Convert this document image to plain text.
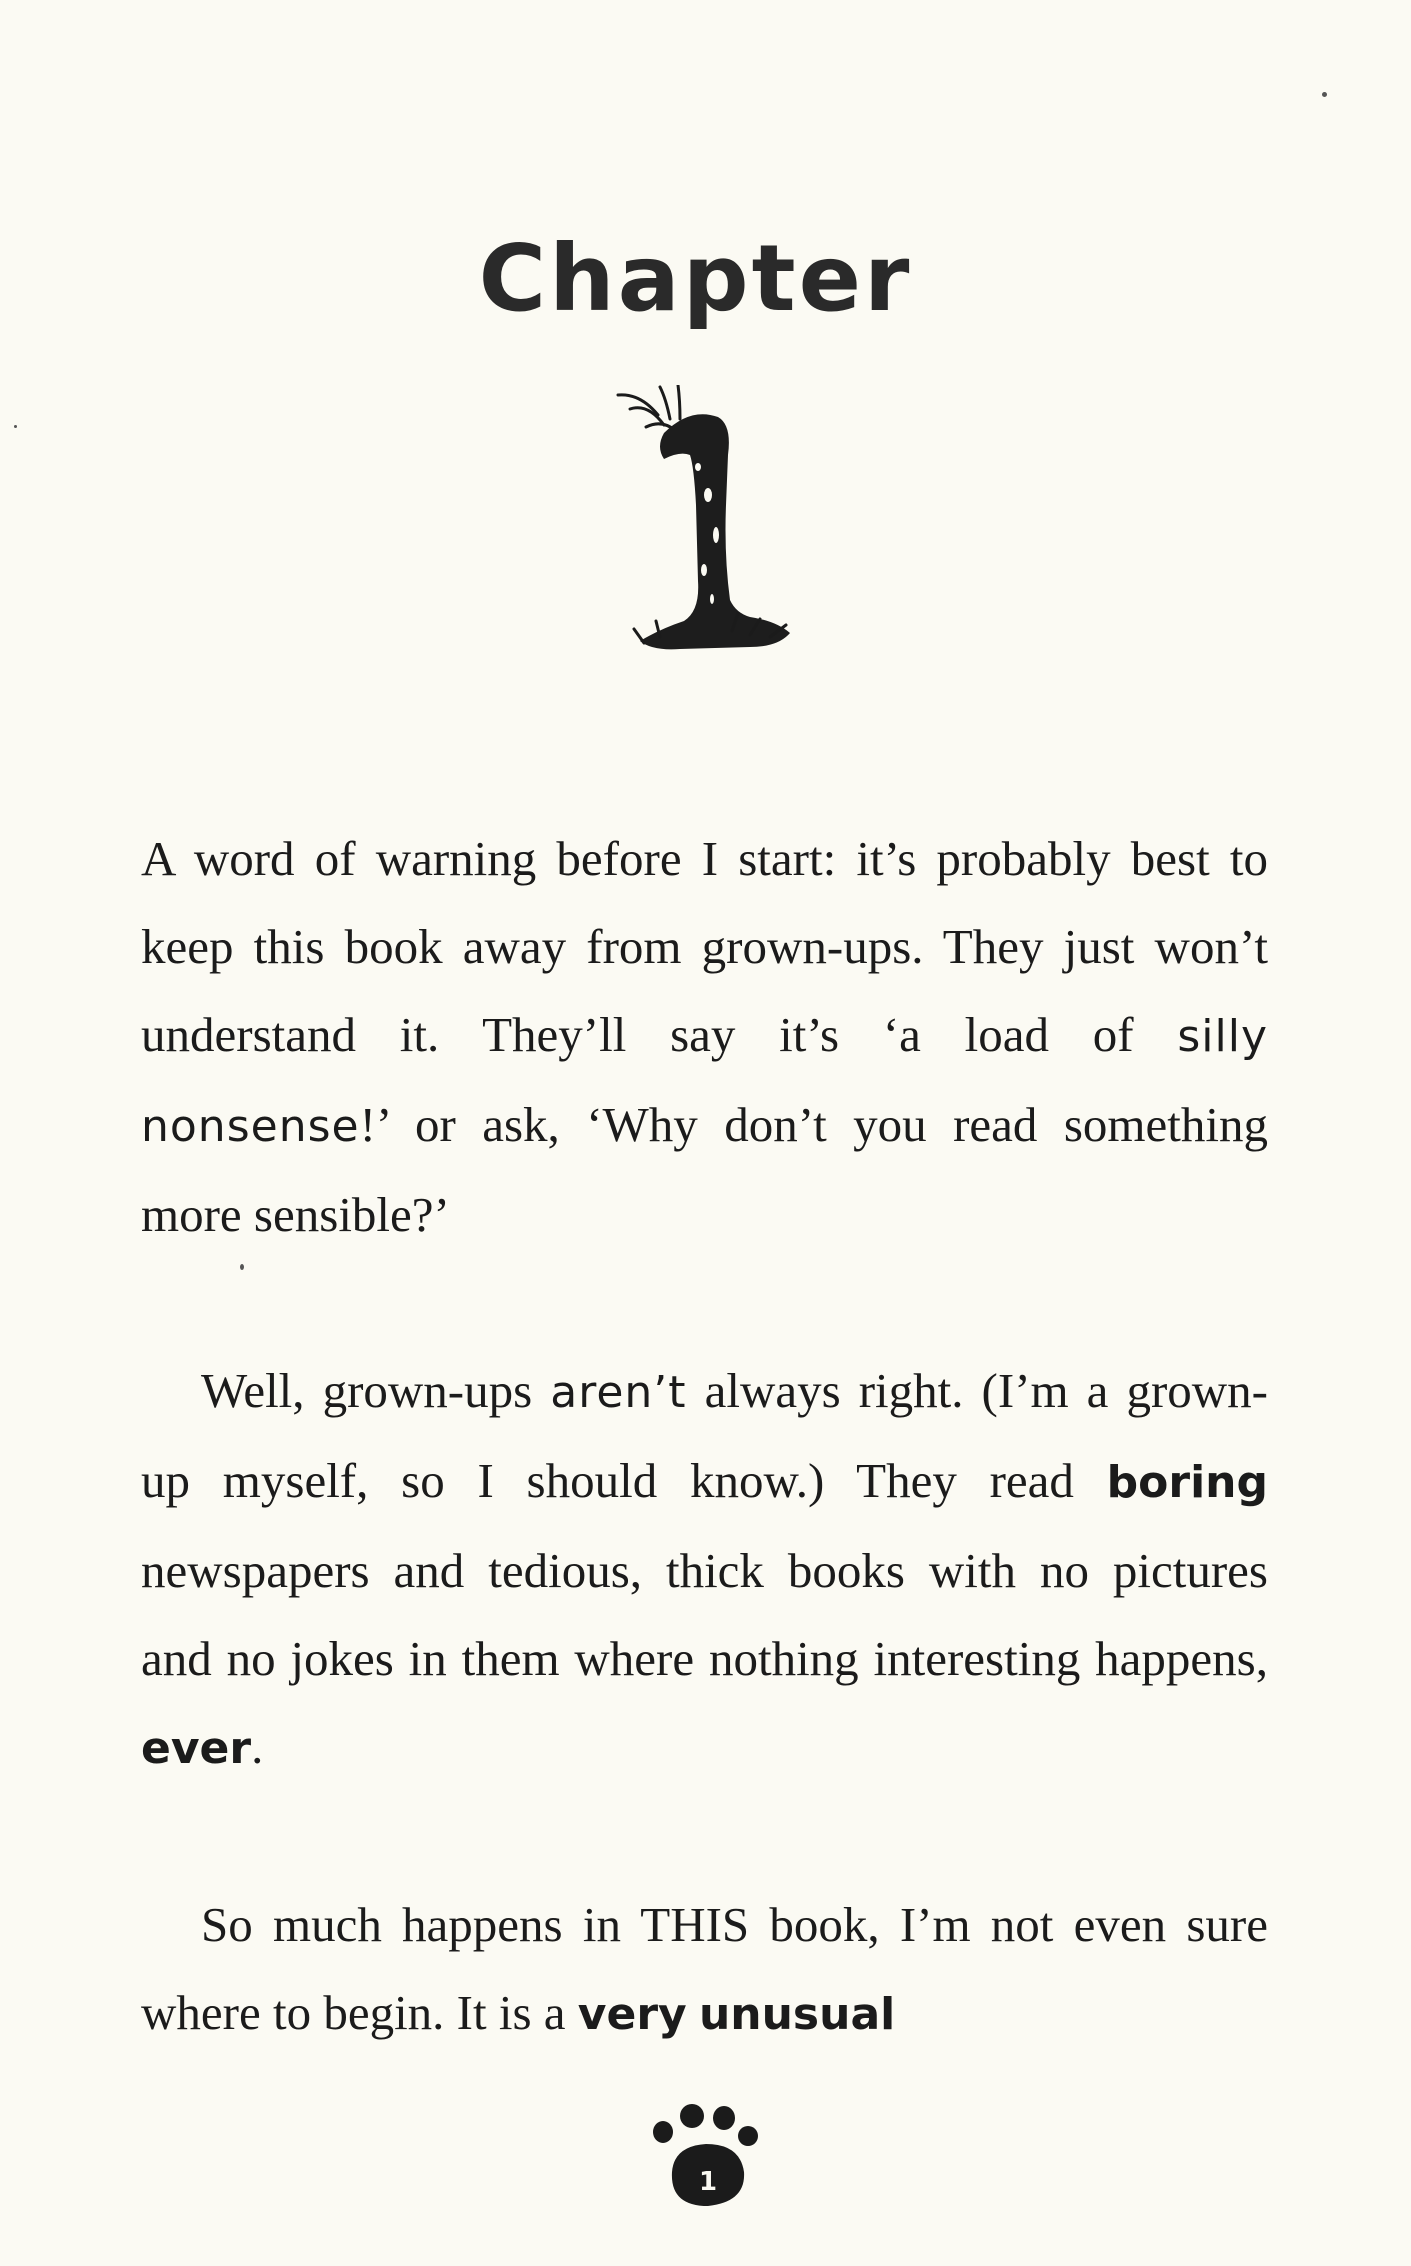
Chapter

A word of warning before I start: it’s probably best to keep this book away from grown-ups. They just won’t understand it. They’ll say it’s ‘a load of silly nonsense!’ or ask, ‘Why don’t you read something more sensible?’

Well, grown-ups aren’t always right. (I’m a grown-up myself, so I should know.) They read boring newspapers and tedious, thick books with no pictures and no jokes in them where nothing interesting happens, ever.

So much happens in THIS book, I’m not even sure where to begin. It is a very unusual

1
